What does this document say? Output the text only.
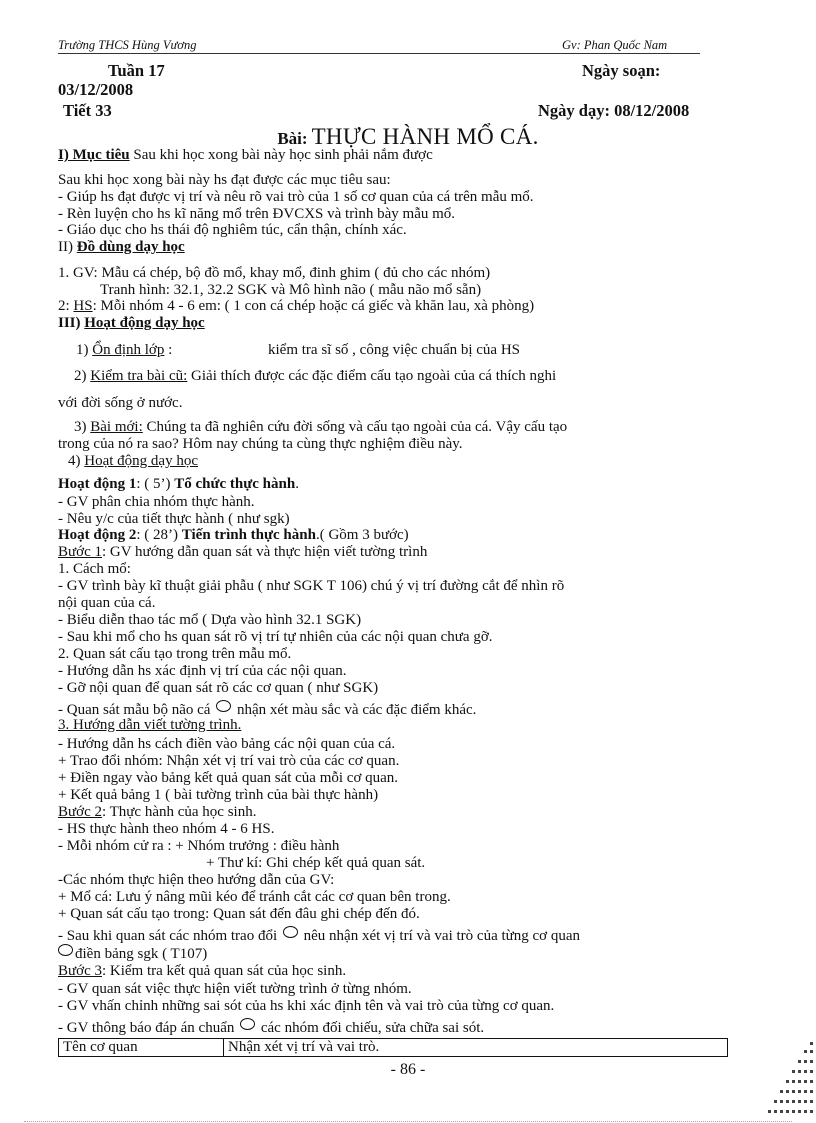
Trường THCS Hùng Vương	Gv: Phan Quốc Nam
Tuần 17	Ngày soạn:
03/12/2008
Tiết 33	Ngày dạy: 08/12/2008
Bài: THỰC HÀNH MỔ CÁ.
I) Mục tiêu Sau khi học xong bài này học sinh phải nắm được
Sau khi học xong bài này hs đạt được các mục tiêu sau:
- Giúp hs đạt được vị trí và nêu rõ vai trò của 1 số cơ quan của cá trên mẫu mổ.
- Rèn luyện cho hs kĩ năng mổ trên ĐVCXS và trình bày mẫu mổ.
- Giáo dục cho hs thái độ nghiêm túc, cẩn thận, chính xác.
II) Đồ dùng dạy học
1. GV: Mẫu cá chép, bộ đồ mổ, khay mổ, đinh ghim ( đủ cho các nhóm)
Tranh hình: 32.1, 32.2 SGK và Mô hình não ( mẫu não mổ sẵn)
2: HS: Mỗi nhóm 4 - 6 em: ( 1 con cá chép hoặc cá giếc và khăn lau, xà phòng)
III) Hoạt động dạy học
1) Ổn định lớp :	kiểm tra sĩ số , công việc chuẩn bị của HS
2) Kiểm tra bài cũ: Giải thích được các đặc điểm cấu tạo ngoài của cá thích nghi
với đời sống ở nước.
3) Bài mới: Chúng ta đã nghiên cứu đời sống và cấu tạo ngoài của cá. Vậy cấu tạo
trong của nó ra sao? Hôm nay chúng ta cùng thực nghiệm điều này.
4) Hoạt động dạy học
Hoạt động 1: ( 5’) Tổ chức thực hành.
- GV phân chia nhóm thực hành.
- Nêu y/c của tiết thực hành ( như sgk)
Hoạt động 2: ( 28’) Tiến trình thực hành.( Gồm 3 bước)
Bước 1: GV hướng dẫn quan sát và thực hiện viết tường trình
1. Cách mổ:
- GV trình bày kĩ thuật giải phẫu ( như SGK T 106) chú ý vị trí đường cắt để nhìn rõ
nội quan của cá.
- Biểu diễn thao tác mổ ( Dựa vào hình 32.1 SGK)
- Sau khi mổ cho hs quan sát rõ vị trí tự nhiên của các nội quan chưa gỡ.
2. Quan sát cấu tạo trong trên mẫu mổ.
- Hướng dẫn hs xác định vị trí của các nội quan.
- Gỡ nội quan để quan sát rõ các cơ quan ( như SGK)
- Quan sát mẫu bộ não cá nhận xét màu sắc và các đặc điểm khác.
3. Hướng dẫn viết tường trình.
- Hướng dẫn hs cách điền vào bảng các nội quan của cá.
+ Trao đổi nhóm: Nhận xét vị trí vai trò của các cơ quan.
+ Điền ngay vào bảng kết quả quan sát của mỗi cơ quan.
+ Kết quả bảng 1 ( bài tường trình của bài thực hành)
Bước 2: Thực hành của học sinh.
- HS thực hành theo nhóm 4 - 6 HS.
- Mỗi nhóm cử ra : + Nhóm trưởng : điều hành
+ Thư kí: Ghi chép kết quả quan sát.
-Các nhóm thực hiện theo hướng dẫn của GV:
+ Mổ cá: Lưu ý nâng mũi kéo để tránh cắt các cơ quan bên trong.
+ Quan sát cấu tạo trong: Quan sát đến đâu ghi chép đến đó.
- Sau khi quan sát các nhóm trao đổi nêu nhận xét vị trí và vai trò của từng cơ quan
điền bảng sgk ( T107)
Bước 3: Kiểm tra kết quả quan sát của học sinh.
- GV quan sát việc thực hiện viết tường trình ở từng nhóm.
- GV vhấn chỉnh những sai sót của hs khi xác định tên và vai trò của từng cơ quan.
- GV thông báo đáp án chuẩn các nhóm đối chiếu, sửa chữa sai sót.
Tên cơ quan	Nhận xét vị trí và vai trò.
- 86 -
